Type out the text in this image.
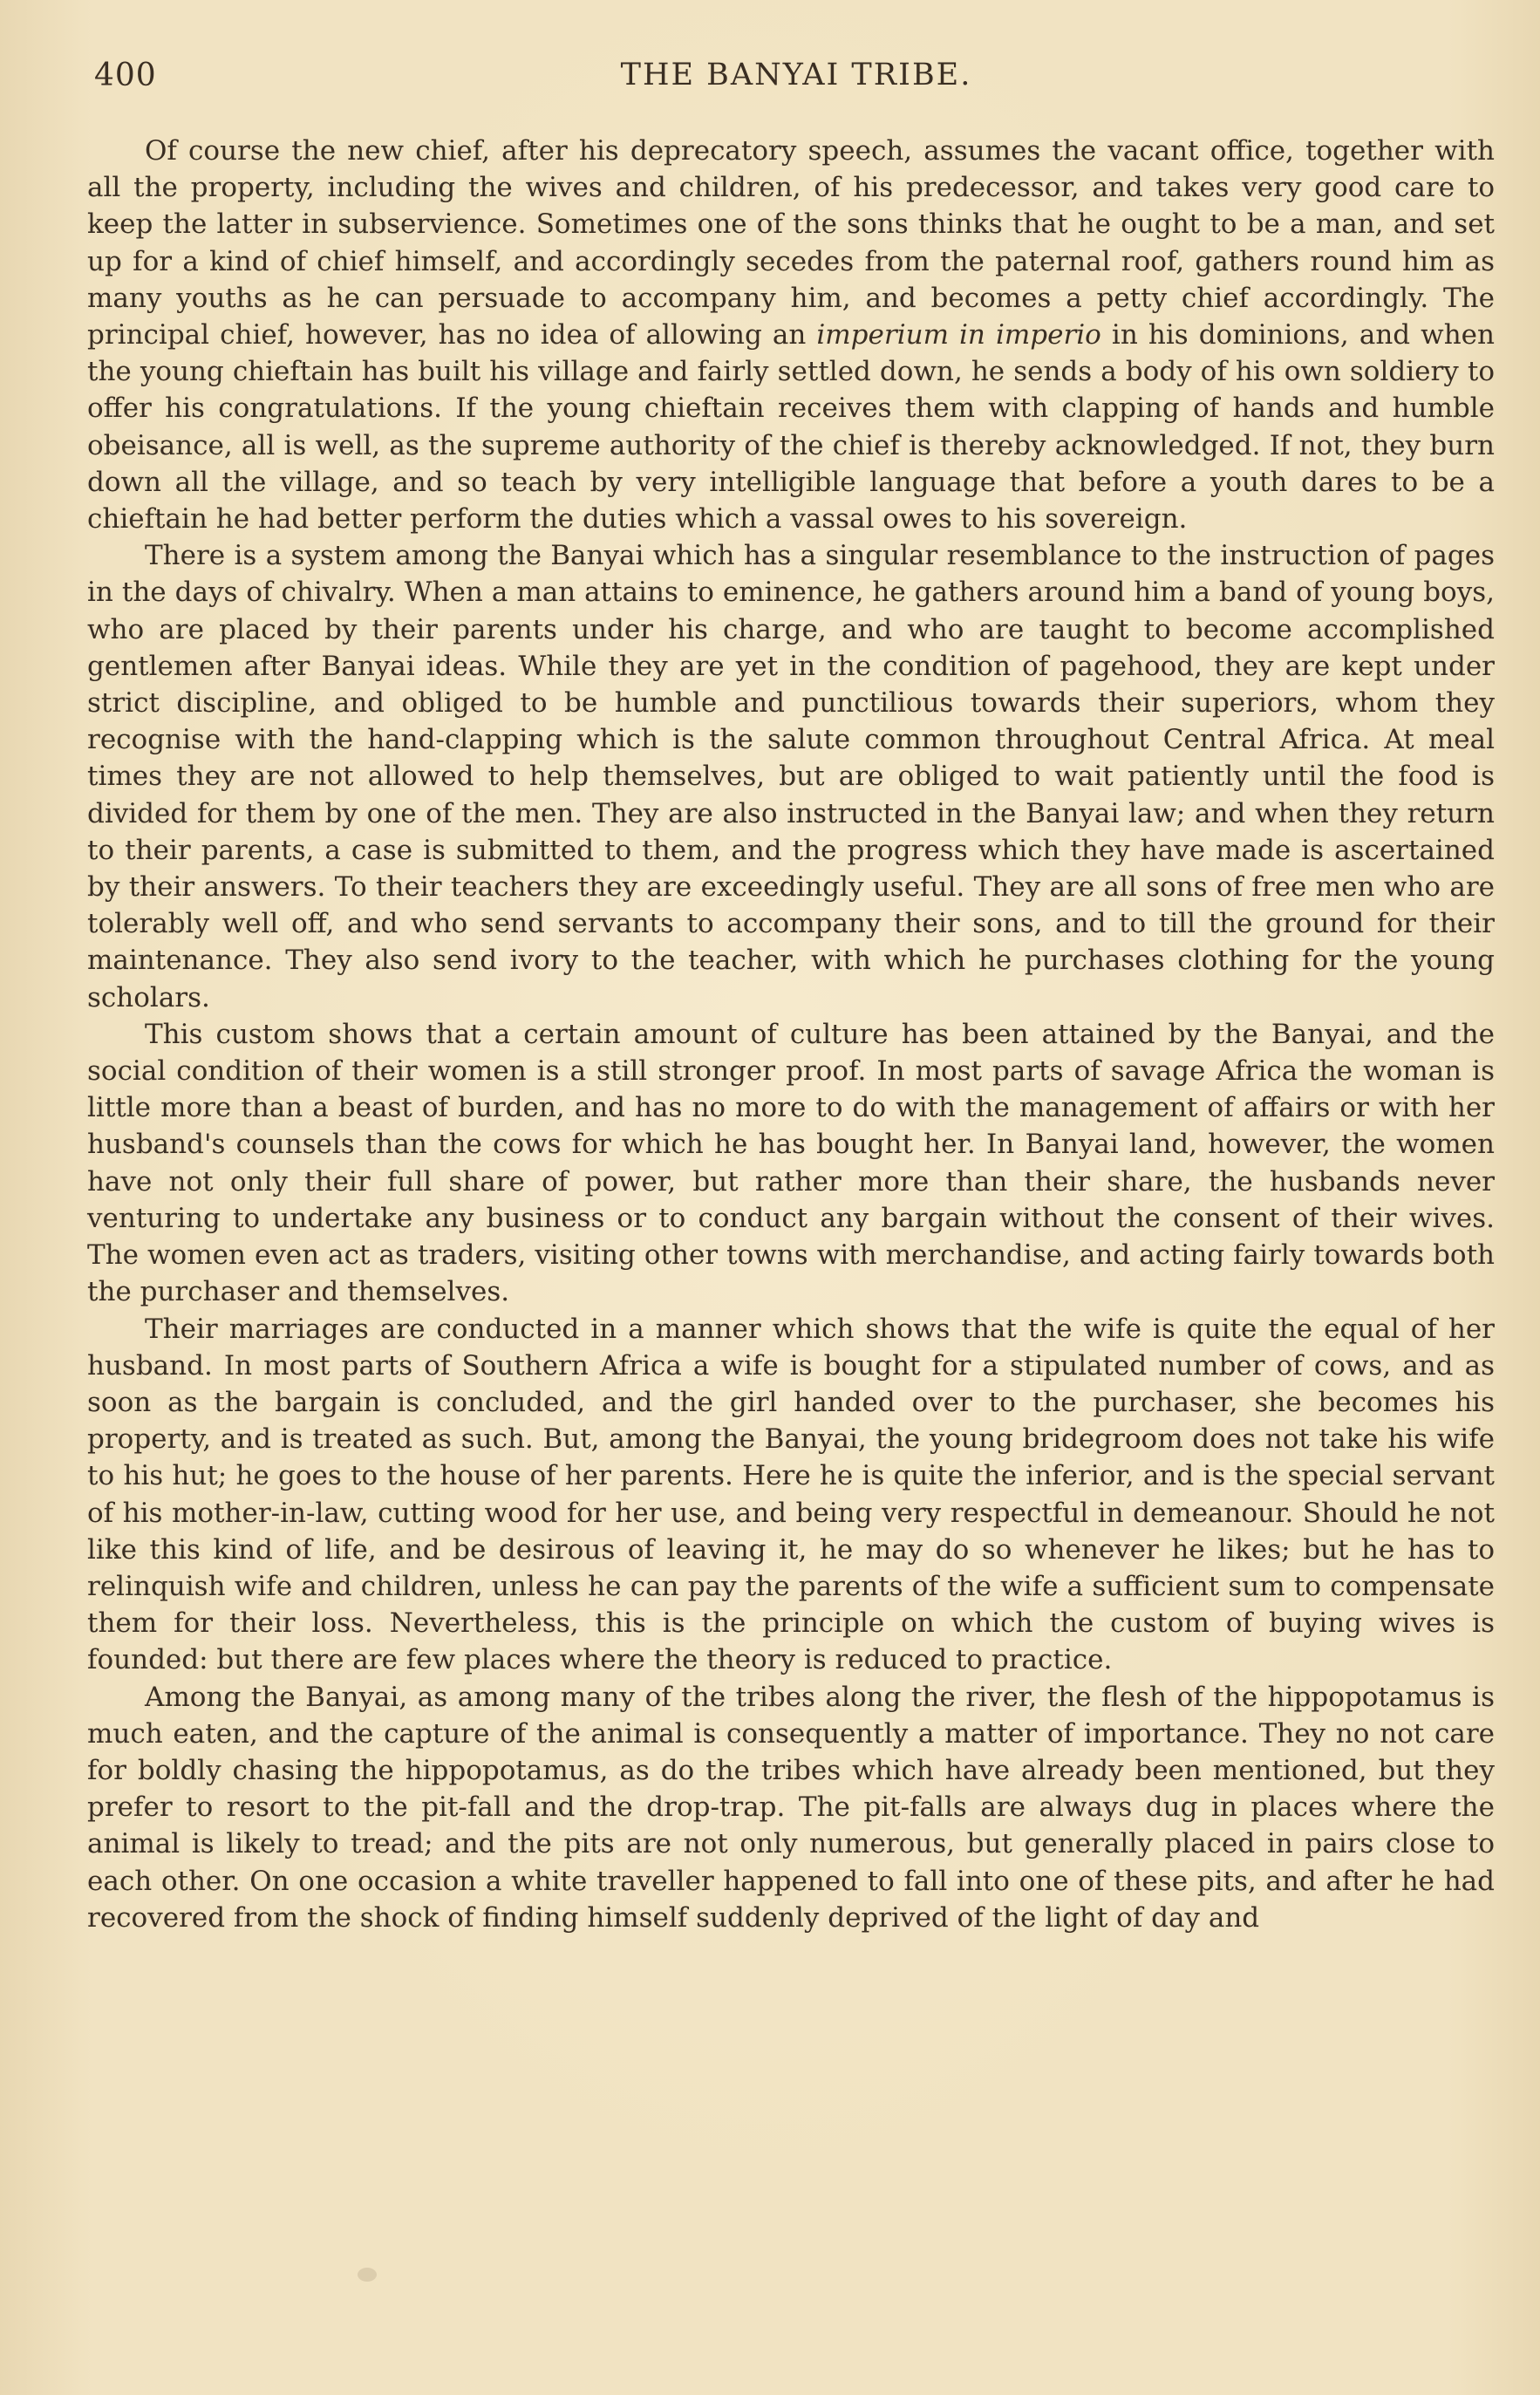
400	THE BANYAI TRIBE.

Of course the new chief, after his deprecatory speech, assumes the vacant office, together with all the property, including the wives and children, of his predecessor, and takes very good care to keep the latter in subservience. Sometimes one of the sons thinks that he ought to be a man, and set up for a kind of chief himself, and accordingly secedes from the paternal roof, gathers round him as many youths as he can persuade to accompany him, and becomes a petty chief accordingly. The principal chief, however, has no idea of allowing an imperium in imperio in his dominions, and when the young chieftain has built his village and fairly settled down, he sends a body of his own soldiery to offer his congratulations. If the young chieftain receives them with clapping of hands and humble obeisance, all is well, as the supreme authority of the chief is thereby acknowledged. If not, they burn down all the village, and so teach by very intelligible language that before a youth dares to be a chieftain he had better perform the duties which a vassal owes to his sovereign.

There is a system among the Banyai which has a singular resemblance to the instruction of pages in the days of chivalry. When a man attains to eminence, he gathers around him a band of young boys, who are placed by their parents under his charge, and who are taught to become accomplished gentlemen after Banyai ideas. While they are yet in the condition of pagehood, they are kept under strict discipline, and obliged to be humble and punctilious towards their superiors, whom they recognise with the hand-clapping which is the salute common throughout Central Africa. At meal times they are not allowed to help themselves, but are obliged to wait patiently until the food is divided for them by one of the men. They are also instructed in the Banyai law; and when they return to their parents, a case is submitted to them, and the progress which they have made is ascertained by their answers. To their teachers they are exceedingly useful. They are all sons of free men who are tolerably well off, and who send servants to accompany their sons, and to till the ground for their maintenance. They also send ivory to the teacher, with which he purchases clothing for the young scholars.

This custom shows that a certain amount of culture has been attained by the Banyai, and the social condition of their women is a still stronger proof. In most parts of savage Africa the woman is little more than a beast of burden, and has no more to do with the management of affairs or with her husband's counsels than the cows for which he has bought her. In Banyai land, however, the women have not only their full share of power, but rather more than their share, the husbands never venturing to undertake any business or to conduct any bargain without the consent of their wives. The women even act as traders, visiting other towns with merchandise, and acting fairly towards both the purchaser and themselves.

Their marriages are conducted in a manner which shows that the wife is quite the equal of her husband. In most parts of Southern Africa a wife is bought for a stipulated number of cows, and as soon as the bargain is concluded, and the girl handed over to the purchaser, she becomes his property, and is treated as such. But, among the Banyai, the young bridegroom does not take his wife to his hut; he goes to the house of her parents. Here he is quite the inferior, and is the special servant of his mother-in-law, cutting wood for her use, and being very respectful in demeanour. Should he not like this kind of life, and be desirous of leaving it, he may do so whenever he likes; but he has to relinquish wife and children, unless he can pay the parents of the wife a sufficient sum to compensate them for their loss. Nevertheless, this is the principle on which the custom of buying wives is founded: but there are few places where the theory is reduced to practice.

Among the Banyai, as among many of the tribes along the river, the flesh of the hippopotamus is much eaten, and the capture of the animal is consequently a matter of importance. They no not care for boldly chasing the hippopotamus, as do the tribes which have already been mentioned, but they prefer to resort to the pit-fall and the drop-trap. The pit-falls are always dug in places where the animal is likely to tread; and the pits are not only numerous, but generally placed in pairs close to each other. On one occasion a white traveller happened to fall into one of these pits, and after he had recovered from the shock of finding himself suddenly deprived of the light of day and
